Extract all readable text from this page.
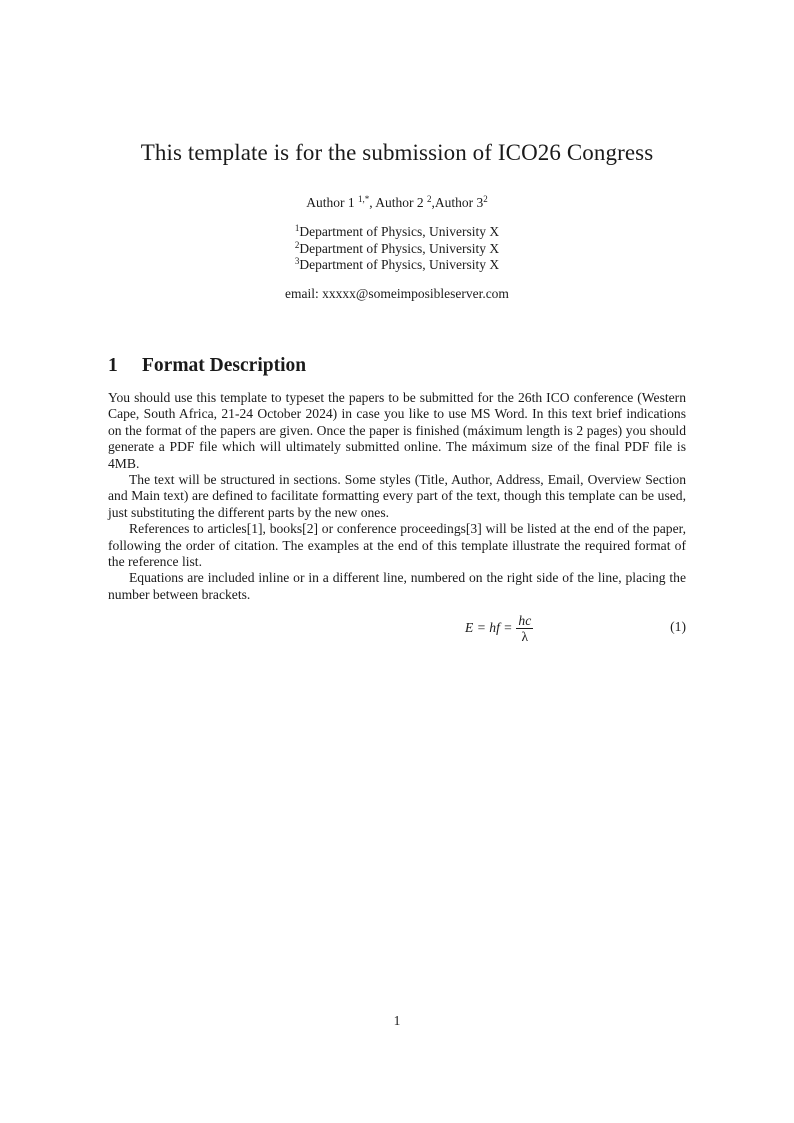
This template is for the submission of ICO26 Congress
Author 1 $^{1,*}$, Author 2 $^2$,Author $3^2$
$^1$Department of Physics, University X
$^2$Department of Physics, University X
$^3$Department of Physics, University X
email: xxxxx@someimposibleserver.com
1 Format Description

You should use this template to typeset the papers to be submitted for the 26th ICO conference (Western Cape, South Africa, 21-24 October 2024) in case you like to use MS Word. In this text brief indications on the format of the papers are given. Once the paper is finished (máximum length is 2 pages) you should generate a PDF file which will ultimately submitted online. The máximum size of the final PDF file is 4MB.

The text will be structured in sections. Some styles (Title, Author, Address, Email, Overview Section and Main text) are defined to facilitate formatting every part of the text, though this template can be used, just substituting the different parts by the new ones.

References to articles[1], books[2] or conference proceedings[3] will be listed at the end of the paper, following the order of citation. The examples at the end of this template illustrate the required format of the reference list.

Equations are included inline or in a different line, numbered on the right side of the line, placing the number between brackets.

E = hf = $\frac{hc}{\lambda}$	(1)
1
